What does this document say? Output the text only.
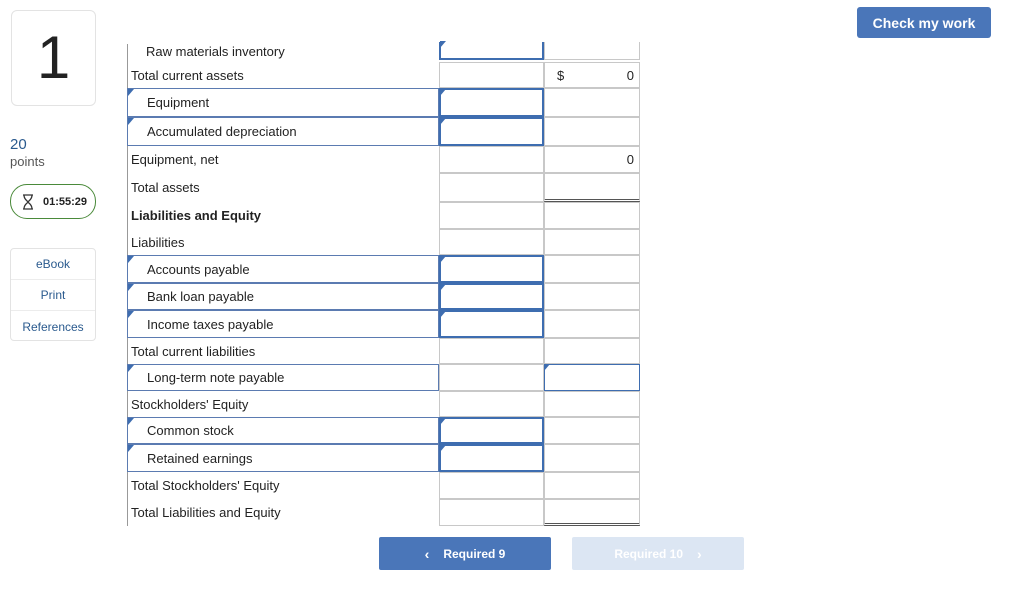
1
20
points
01:55:29
eBook
Print
References
Check my work
Raw materials inventory
Total current assets	$	0
Equipment
Accumulated depreciation
Equipment, net	0
Total assets
Liabilities and Equity
Liabilities
Accounts payable
Bank loan payable
Income taxes payable
Total current liabilities
Long-term note payable
Stockholders' Equity
Common stock
Retained earnings
Total Stockholders' Equity
Total Liabilities and Equity
‹ Required 9	Required 10 ›
